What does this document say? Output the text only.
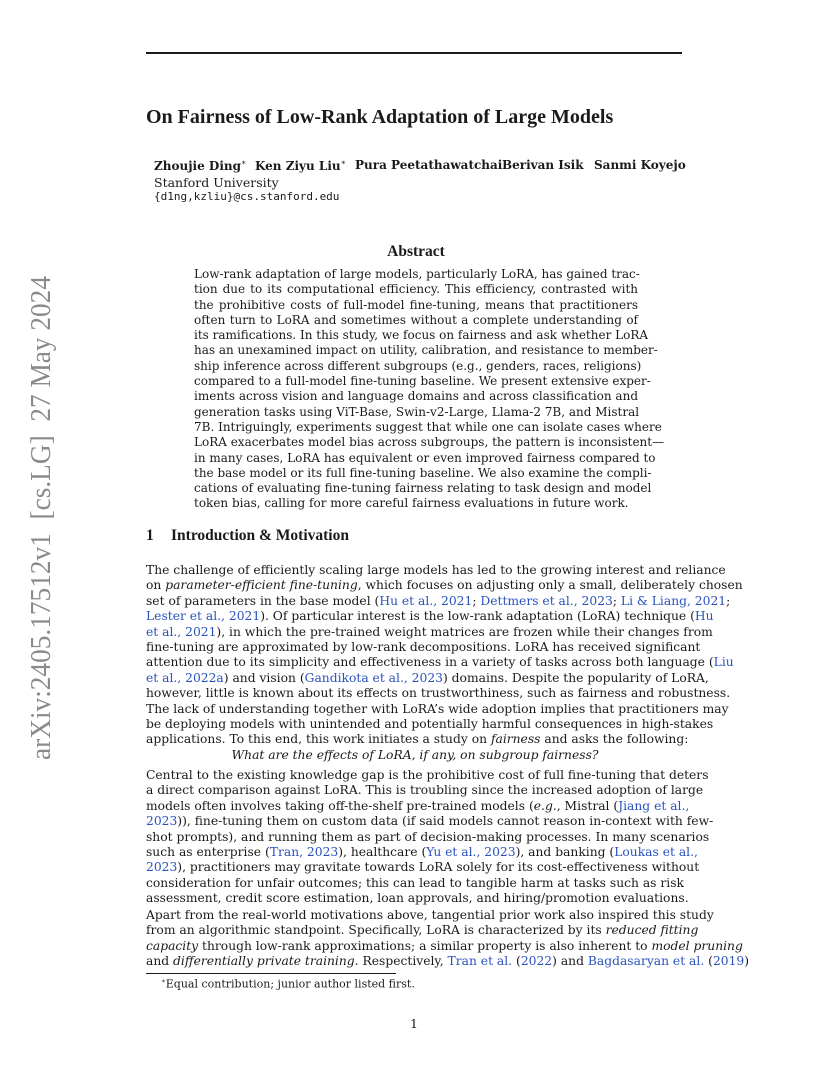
arXiv:2405.17512v1  [cs.LG]  27 May 2024
On Fairness of Low-Rank Adaptation of Large Models
Zhoujie Ding∗ Ken Ziyu Liu∗ Pura Peetathawatchai Berivan Isik Sanmi Koyejo
Stanford University
{d1ng,kzliu}@cs.stanford.edu
Abstract
Low-rank adaptation of large models, particularly LoRA, has gained trac-
tion due to its computational efficiency. This efficiency, contrasted with
the prohibitive costs of full-model fine-tuning, means that practitioners
often turn to LoRA and sometimes without a complete understanding of
its ramifications. In this study, we focus on fairness and ask whether LoRA
has an unexamined impact on utility, calibration, and resistance to member-
ship inference across different subgroups (e.g., genders, races, religions)
compared to a full-model fine-tuning baseline. We present extensive exper-
iments across vision and language domains and across classification and
generation tasks using ViT-Base, Swin-v2-Large, Llama-2 7B, and Mistral
7B. Intriguingly, experiments suggest that while one can isolate cases where
LoRA exacerbates model bias across subgroups, the pattern is inconsistent—
in many cases, LoRA has equivalent or even improved fairness compared to
the base model or its full fine-tuning baseline. We also examine the compli-
cations of evaluating fine-tuning fairness relating to task design and model
token bias, calling for more careful fairness evaluations in future work.
1 Introduction & Motivation
The challenge of efficiently scaling large models has led to the growing interest and reliance
on parameter-efficient fine-tuning, which focuses on adjusting only a small, deliberately chosen
set of parameters in the base model (Hu et al., 2021; Dettmers et al., 2023; Li & Liang, 2021;
Lester et al., 2021). Of particular interest is the low-rank adaptation (LoRA) technique (Hu
et al., 2021), in which the pre-trained weight matrices are frozen while their changes from
fine-tuning are approximated by low-rank decompositions. LoRA has received significant
attention due to its simplicity and effectiveness in a variety of tasks across both language (Liu
et al., 2022a) and vision (Gandikota et al., 2023) domains. Despite the popularity of LoRA,
however, little is known about its effects on trustworthiness, such as fairness and robustness.
The lack of understanding together with LoRA’s wide adoption implies that practitioners may
be deploying models with unintended and potentially harmful consequences in high-stakes
applications. To this end, this work initiates a study on fairness and asks the following:
What are the effects of LoRA, if any, on subgroup fairness?
Central to the existing knowledge gap is the prohibitive cost of full fine-tuning that deters
a direct comparison against LoRA. This is troubling since the increased adoption of large
models often involves taking off-the-shelf pre-trained models (e.g., Mistral (Jiang et al.,
2023)), fine-tuning them on custom data (if said models cannot reason in-context with few-
shot prompts), and running them as part of decision-making processes. In many scenarios
such as enterprise (Tran, 2023), healthcare (Yu et al., 2023), and banking (Loukas et al.,
2023), practitioners may gravitate towards LoRA solely for its cost-effectiveness without
consideration for unfair outcomes; this can lead to tangible harm at tasks such as risk
assessment, credit score estimation, loan approvals, and hiring/promotion evaluations.
Apart from the real-world motivations above, tangential prior work also inspired this study
from an algorithmic standpoint. Specifically, LoRA is characterized by its reduced fitting
capacity through low-rank approximations; a similar property is also inherent to model pruning
and differentially private training. Respectively, Tran et al. (2022) and Bagdasaryan et al. (2019)
∗Equal contribution; junior author listed first.
1
